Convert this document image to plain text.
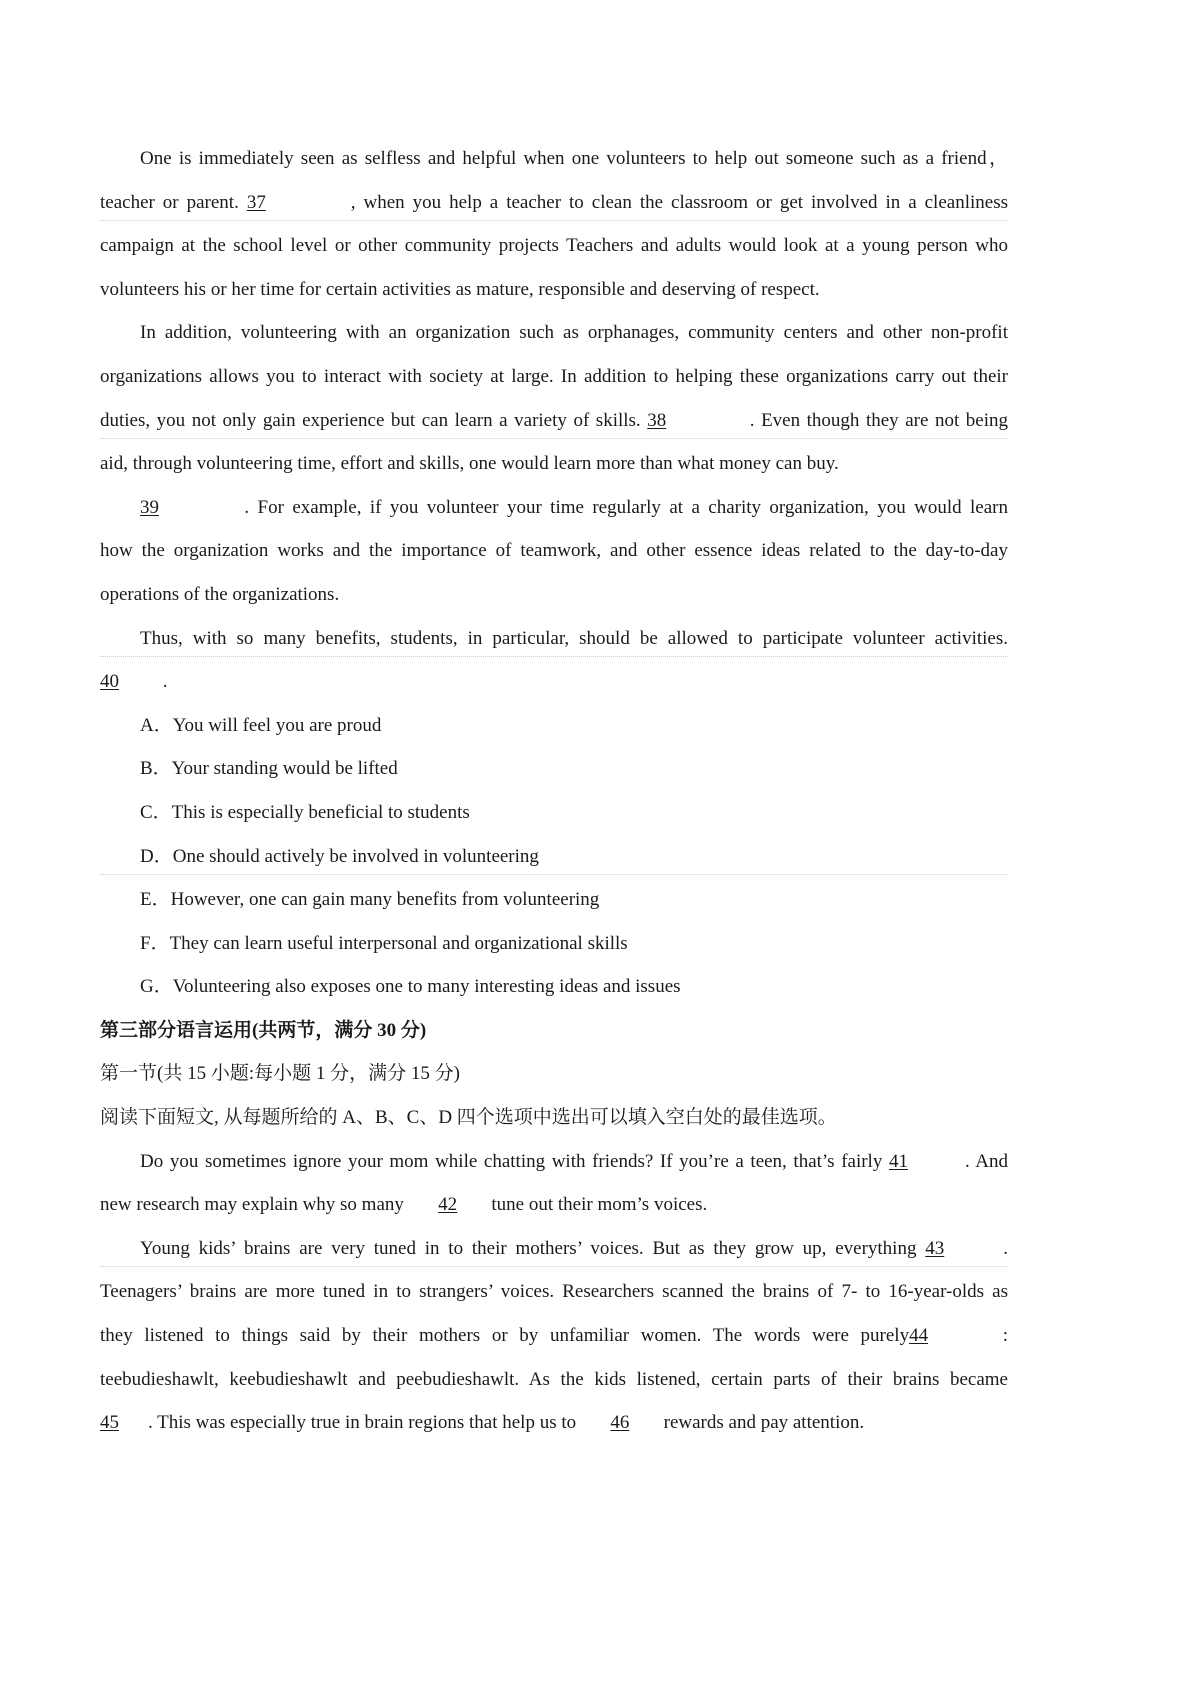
One is immediately seen as selfless and helpful when one volunteers to help out someone such as a friend，
teacher or parent. 37	, when you help a teacher to clean the classroom or get involved in a cleanliness
campaign at the school level or other community projects Teachers and adults would look at a young person who
volunteers his or her time for certain activities as mature, responsible and deserving of respect.
In addition, volunteering with an organization such as orphanages, community centers and other non-profit
organizations allows you to interact with society at large. In addition to helping these organizations carry out their
duties, you not only gain experience but can learn a variety of skills. 38	. Even though they are not being
aid, through volunteering time, effort and skills, one would learn more than what money can buy.
39	. For example, if you volunteer your time regularly at a charity organization, you would learn
how the organization works and the importance of teamwork, and other essence ideas related to the day-to-day
operations of the organizations.
Thus, with so many benefits, students, in particular, should be allowed to participate volunteer activities.
40 .
A．You will feel you are proud
B．Your standing would be lifted
C．This is especially beneficial to students
D．One should actively be involved in volunteering
E．However, one can gain many benefits from volunteering
F．They can learn useful interpersonal and organizational skills
G．Volunteering also exposes one to many interesting ideas and issues
第三部分语言运用(共两节，满分 30 分)
第一节(共 15 小题:每小题 1 分，满分 15 分)
阅读下面短文, 从每题所给的 A、B、C、D 四个选项中选出可以填入空白处的最佳选项。
Do you sometimes ignore your mom while chatting with friends? If you’re a teen, that’s fairly 41	. And
new research may explain why so many 42 tune out their mom’s voices.
Young kids’ brains are very tuned in to their mothers’ voices. But as they grow up, everything 43	.
Teenagers’ brains are more tuned in to strangers’ voices. Researchers scanned the brains of 7- to 16-year-olds as
they listened to things said by their mothers or by unfamiliar women. The words were purely44	:
teebudieshawlt, keebudieshawlt and peebudieshawlt. As the kids listened, certain parts of their brains became
45 . This was especially true in brain regions that help us to 46 rewards and pay attention.
